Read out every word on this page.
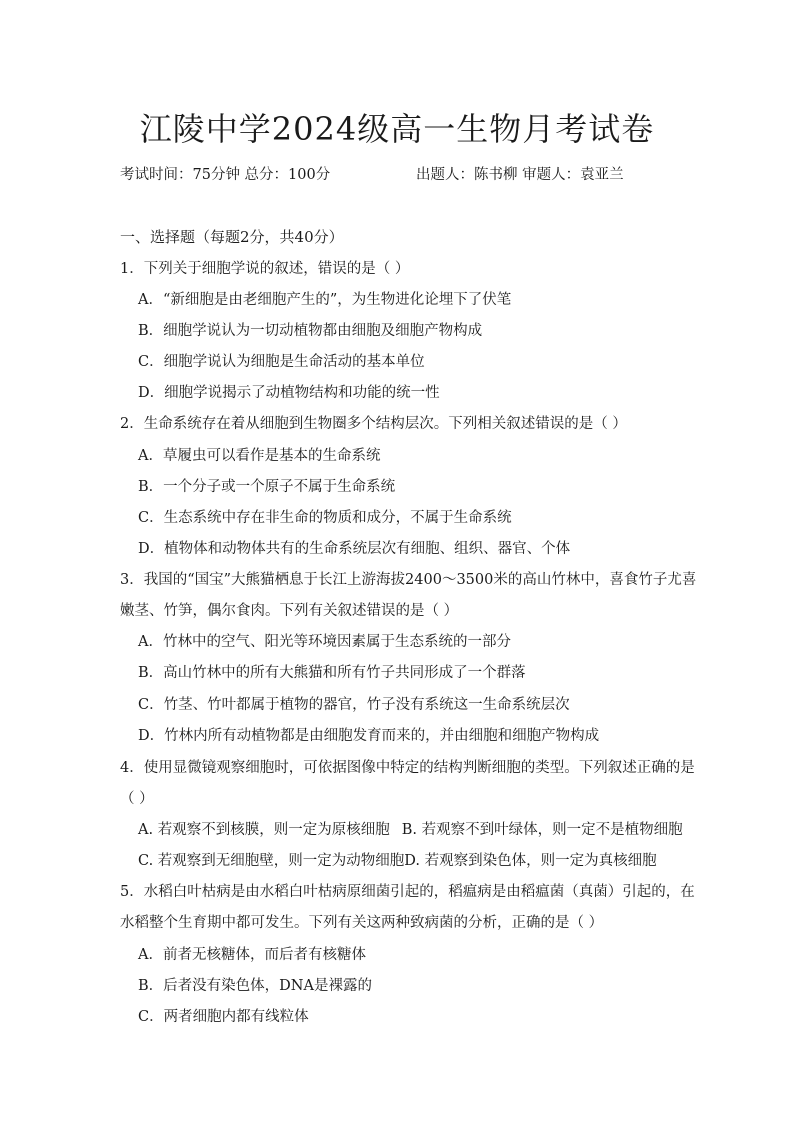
江陵中学2024级高一生物月考试卷
考试时间：75分钟 总分：100分	出题人：陈书柳 审题人：袁亚兰
一、选择题（每题2分，共40分）
1．下列关于细胞学说的叙述，错误的是（ ）
A．“新细胞是由老细胞产生的”，为生物进化论埋下了伏笔
B．细胞学说认为一切动植物都由细胞及细胞产物构成
C．细胞学说认为细胞是生命活动的基本单位
D．细胞学说揭示了动植物结构和功能的统一性
2．生命系统存在着从细胞到生物圈多个结构层次。下列相关叙述错误的是（ ）
A．草履虫可以看作是基本的生命系统
B．一个分子或一个原子不属于生命系统
C．生态系统中存在非生命的物质和成分，不属于生命系统
D．植物体和动物体共有的生命系统层次有细胞、组织、器官、个体
3．我国的“国宝”大熊猫栖息于长江上游海拔2400～3500米的高山竹林中，喜食竹子尤喜
嫩茎、竹笋，偶尔食肉。下列有关叙述错误的是（ ）
A．竹林中的空气、阳光等环境因素属于生态系统的一部分
B．高山竹林中的所有大熊猫和所有竹子共同形成了一个群落
C．竹茎、竹叶都属于植物的器官，竹子没有系统这一生命系统层次
D．竹林内所有动植物都是由细胞发育而来的，并由细胞和细胞产物构成
4．使用显微镜观察细胞时，可依据图像中特定的结构判断细胞的类型。下列叙述正确的是
（ ）
A. 若观察不到核膜，则一定为原核细胞 B. 若观察不到叶绿体，则一定不是植物细胞
C. 若观察到无细胞壁，则一定为动物细胞D. 若观察到染色体，则一定为真核细胞
5．水稻白叶枯病是由水稻白叶枯病原细菌引起的，稻瘟病是由稻瘟菌（真菌）引起的，在
水稻整个生育期中都可发生。下列有关这两种致病菌的分析，正确的是（ ）
A．前者无核糖体，而后者有核糖体
B．后者没有染色体，DNA是裸露的
C．两者细胞内都有线粒体
